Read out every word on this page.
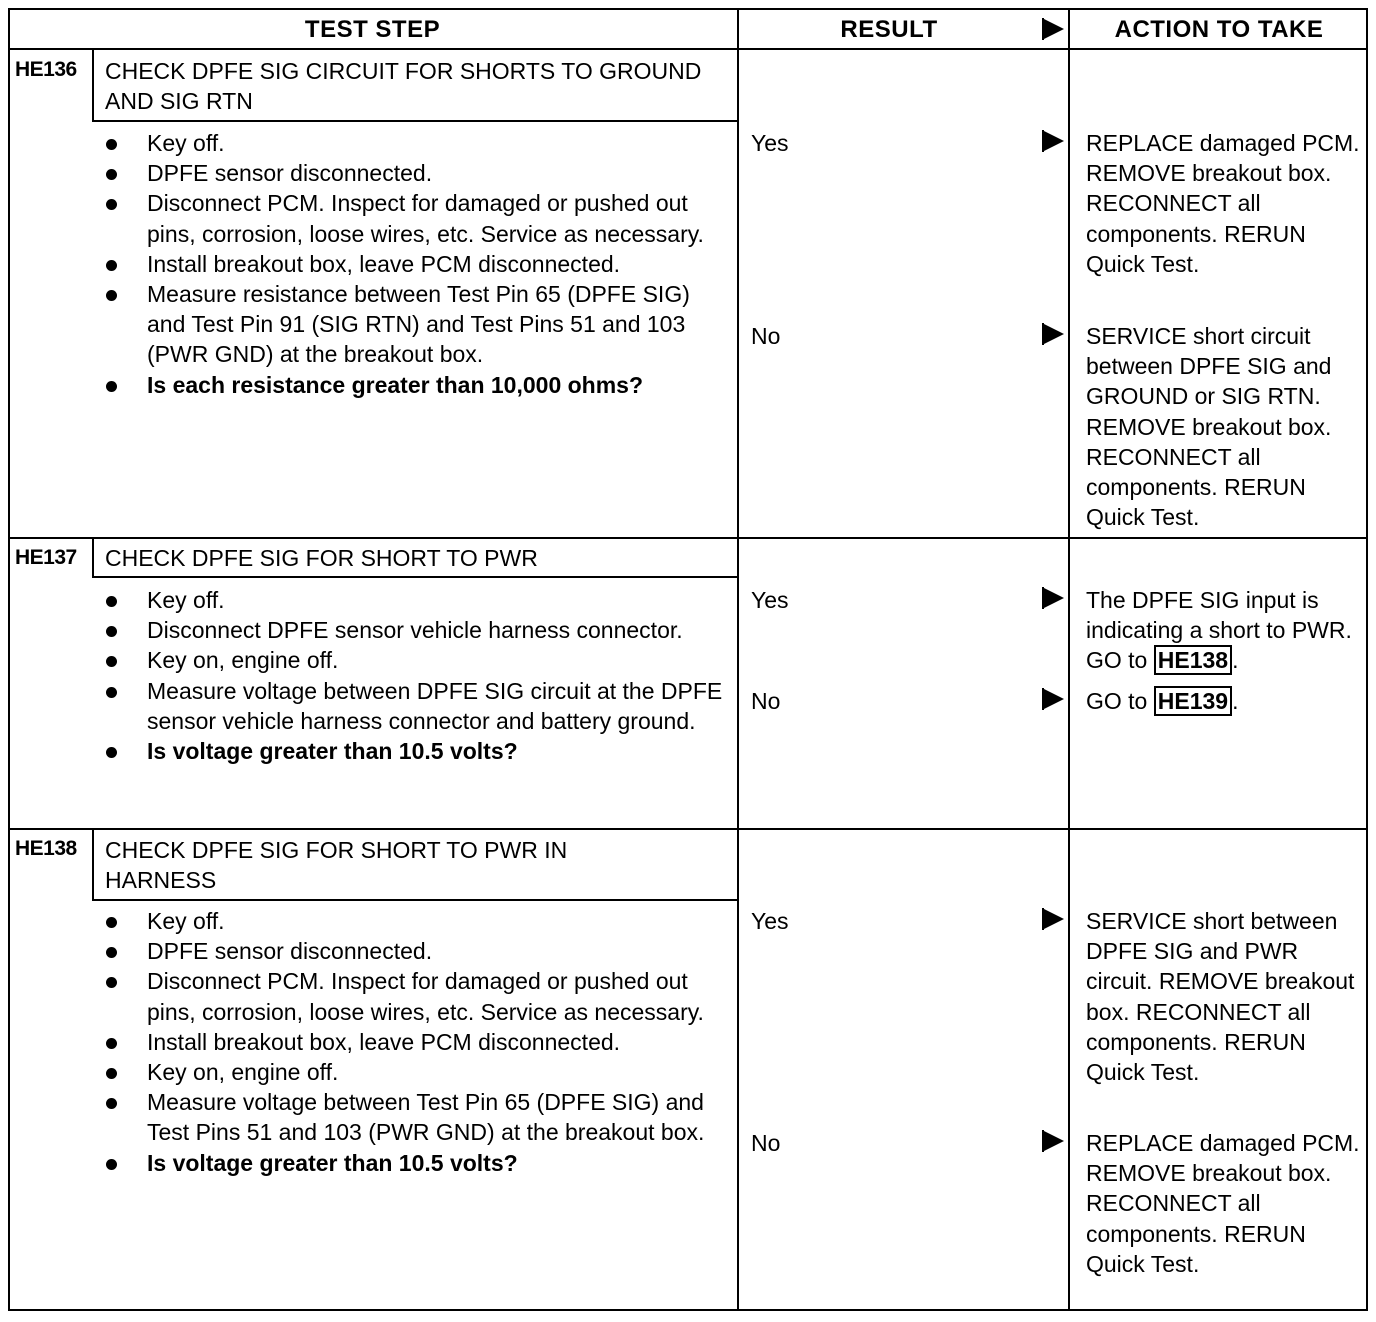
TEST STEP	RESULT	ACTION TO TAKE
HE136 CHECK DPFE SIG CIRCUIT FOR SHORTS TO GROUND AND SIG RTN
Key off.
DPFE sensor disconnected.
Disconnect PCM. Inspect for damaged or pushed out pins, corrosion, loose wires, etc. Service as necessary.
Install breakout box, leave PCM disconnected.
Measure resistance between Test Pin 65 (DPFE SIG) and Test Pin 91 (SIG RTN) and Test Pins 51 and 103 (PWR GND) at the breakout box.
Is each resistance greater than 10,000 ohms?
Yes	REPLACE damaged PCM. REMOVE breakout box. RECONNECT all components. RERUN Quick Test.
No	SERVICE short circuit between DPFE SIG and GROUND or SIG RTN. REMOVE breakout box. RECONNECT all components. RERUN Quick Test.
HE137 CHECK DPFE SIG FOR SHORT TO PWR
Key off.
Disconnect DPFE sensor vehicle harness connector.
Key on, engine off.
Measure voltage between DPFE SIG circuit at the DPFE sensor vehicle harness connector and battery ground.
Is voltage greater than 10.5 volts?
Yes	The DPFE SIG input is indicating a short to PWR. GO to HE138 .
No	GO to HE139 .
HE138 CHECK DPFE SIG FOR SHORT TO PWR IN HARNESS
Key off.
DPFE sensor disconnected.
Disconnect PCM. Inspect for damaged or pushed out pins, corrosion, loose wires, etc. Service as necessary.
Install breakout box, leave PCM disconnected.
Key on, engine off.
Measure voltage between Test Pin 65 (DPFE SIG) and Test Pins 51 and 103 (PWR GND) at the breakout box.
Is voltage greater than 10.5 volts?
Yes	SERVICE short between DPFE SIG and PWR circuit. REMOVE breakout box. RECONNECT all components. RERUN Quick Test.
No	REPLACE damaged PCM. REMOVE breakout box. RECONNECT all components. RERUN Quick Test.
